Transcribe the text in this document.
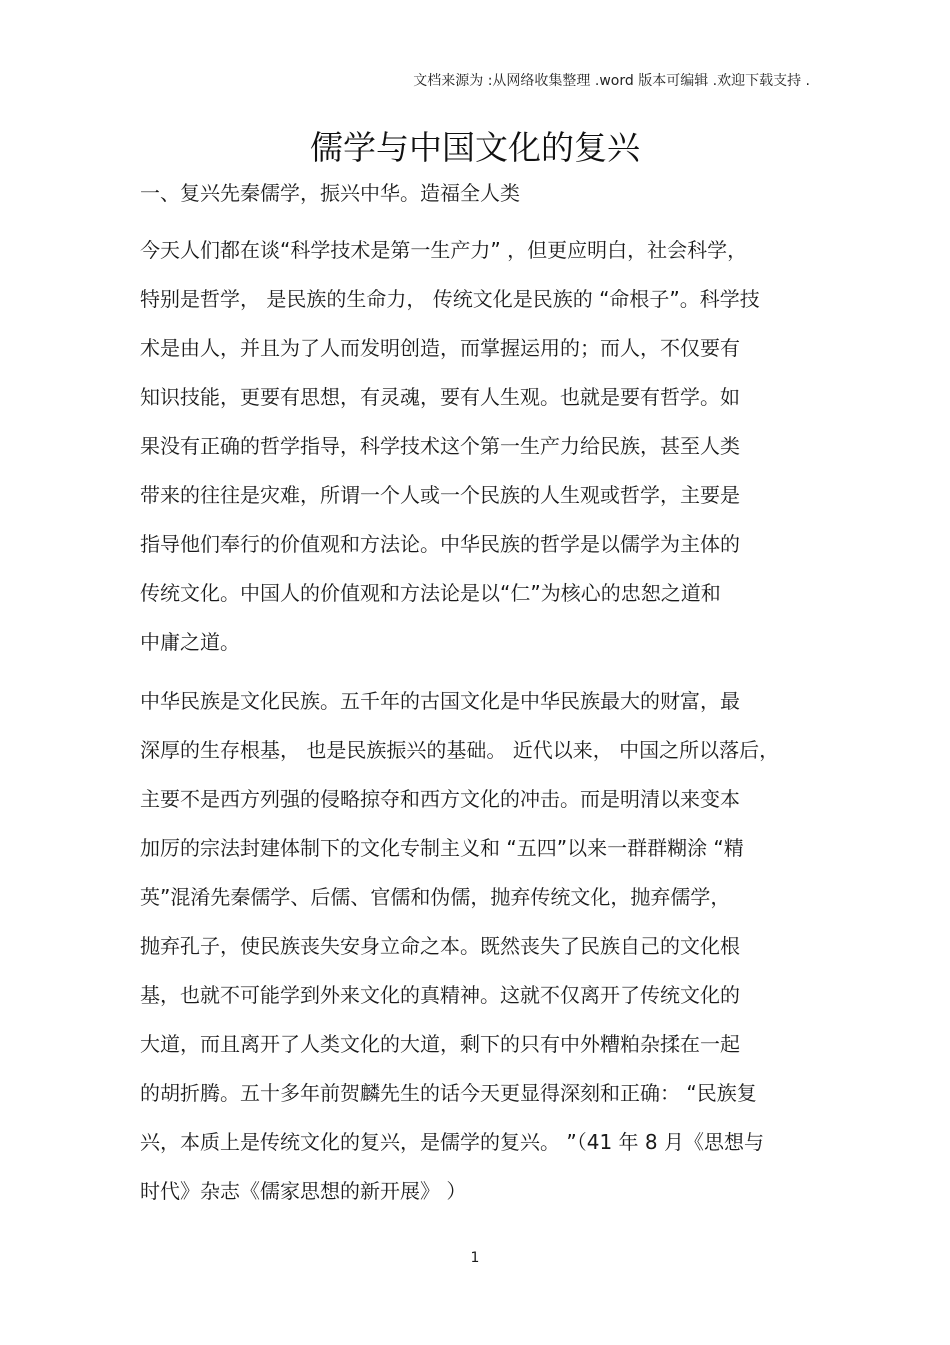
文档来源为 :从网络收集整理 .word 版本可编辑 .欢迎下载支持 .
儒学与中国文化的复兴
一、复兴先秦儒学，振兴中华。造福全人类
今天人们都在谈“科学技术是第一生产力” ，但更应明白，社会科学，
特别是哲学， 是民族的生命力， 传统文化是民族的 “命根子”。科学技
术是由人，并且为了人而发明创造，而掌握运用的；而人，不仅要有
知识技能，更要有思想，有灵魂，要有人生观。也就是要有哲学。如
果没有正确的哲学指导，科学技术这个第一生产力给民族，甚至人类
带来的往往是灾难，所谓一个人或一个民族的人生观或哲学，主要是
指导他们奉行的价值观和方法论。中华民族的哲学是以儒学为主体的
传统文化。中国人的价值观和方法论是以“仁”为核心的忠恕之道和
中庸之道。
中华民族是文化民族。五千年的古国文化是中华民族最大的财富，最
深厚的生存根基， 也是民族振兴的基础。 近代以来， 中国之所以落后，
主要不是西方列强的侵略掠夺和西方文化的冲击。而是明清以来变本
加厉的宗法封建体制下的文化专制主义和 “五四”以来一群群糊涂 “精
英”混淆先秦儒学、后儒、官儒和伪儒，抛弃传统文化，抛弃儒学，
抛弃孔子，使民族丧失安身立命之本。既然丧失了民族自己的文化根
基，也就不可能学到外来文化的真精神。这就不仅离开了传统文化的
大道，而且离开了人类文化的大道，剩下的只有中外糟粕杂揉在一起
的胡折腾。五十多年前贺麟先生的话今天更显得深刻和正确： “民族复
兴，本质上是传统文化的复兴，是儒学的复兴。 ”（41 年 8 月《思想与
时代》杂志《儒家思想的新开展》 ）
1
